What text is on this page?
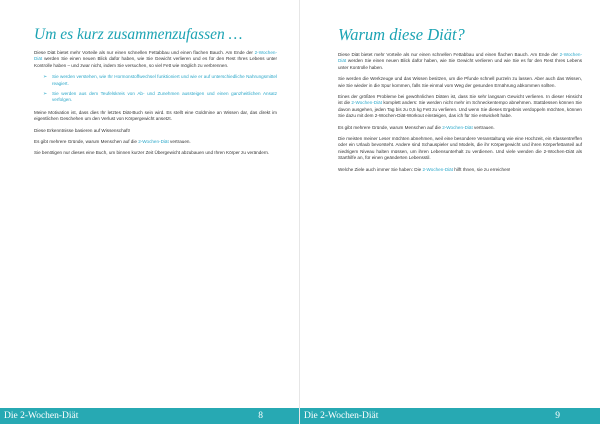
Um es kurz zusammenzufassen …

Diese Diät bietet mehr Vorteile als nur einen schnellen Fettabbau und einen flachen Bauch. Am Ende der 2-Wochen-Diät werden Sie einen neuen Blick dafür haben, wie Sie Gewicht verlieren und es für den Rest Ihres Lebens unter Kontrolle haben – und zwar nicht, indem Sie versuchen, so viel Fett wie möglich zu verbrennen.

➢ Sie werden verstehen, wie Ihr Hormonstoffwechsel funktioniert und wie er auf unterschiedliche Nahrungsmittel reagiert.
➢ Sie werden aus dem Teufelskreis von Ab- und Zunehmen aussteigen und einen ganzheitlichen Ansatz verfolgen.

Meine Motivation ist, dass dies Ihr letztes Diät-Buch sein wird. Es stellt eine Goldmine an Wissen dar, das direkt im eigentlichen Geschehen um den Verlust von Körpergewicht ansetzt.

Diese Erkenntnisse basieren auf Wissenschaft!

Es gibt mehrere Gründe, warum Menschen auf die 2-Wochen-Diät vertrauen.

Sie benötigen nur dieses eine Buch, um binnen kurzer Zeit Übergewicht abzubauen und Ihren Körper zu verändern.

Die 2-Wochen-Diät	8
Warum diese Diät?

Diese Diät bietet mehr Vorteile als nur einen schnellen Fettabbau und einen flachen Bauch. Am Ende der 2-Wochen-Diät werden Sie einen neuen Blick dafür haben, wie Sie Gewicht verlieren und wie Sie es für den Rest Ihres Lebens unter Kontrolle haben.

Sie werden die Werkzeuge und das Wissen besitzen, um die Pfunde schnell purzeln zu lassen. Aber auch das Wissen, wie Sie wieder in die Spur kommen, falls Sie einmal vom Weg der gesunden Ernährung abkommen sollten.

Eines der größten Probleme bei gewöhnlichen Diäten ist, dass Sie sehr langsam Gewicht verlieren. In dieser Hinsicht ist die 2-Wochen-Diät komplett anders: Sie werden nicht mehr im Schneckentempo abnehmen. Stattdessen können Sie davon ausgehen, jeden Tag bis zu 0,5 kg Fett zu verlieren. Und wenn Sie dieses Ergebnis verdoppeln möchten, können Sie dazu mit dem 2-Wochen-Diät-Workout einsteigen, das ich für Sie entwickelt habe.

Es gibt mehrere Gründe, warum Menschen auf die 2-Wochen-Diät vertrauen.

Die meisten meiner Leser möchten abnehmen, weil eine besondere Veranstaltung wie eine Hochzeit, ein Klassentreffen oder ein Urlaub bevorsteht. Andere sind Schauspieler und Models, die ihr Körpergewicht und ihren Körperfettanteil auf niedrigem Niveau halten müssen, um ihren Lebensunterhalt zu verdienen. Und viele wenden die 2-Wochen-Diät als Starthilfe an, für einen geänderten Lebensstil.

Welche Ziele auch immer Sie haben: Die 2-Wochen-Diät hilft Ihnen, sie zu erreichen!

Die 2-Wochen-Diät	9
